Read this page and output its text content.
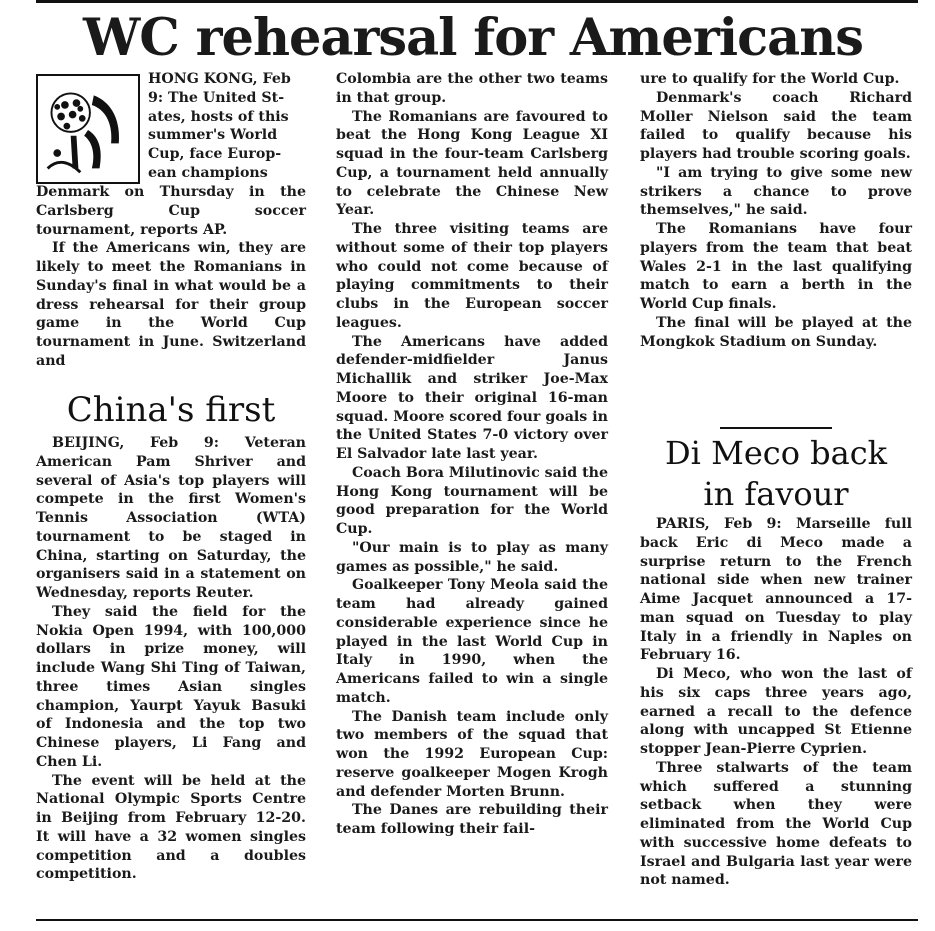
WC rehearsal for Americans

HONG KONG, Feb

9: The United St-

ates, hosts of this

summer's World

Cup, face Europ-

ean champions

Denmark on Thursday in the Carlsberg Cup soccer tournament, reports AP.

If the Americans win, they are likely to meet the Romanians in Sunday's final in what would be a dress rehearsal for their group game in the World Cup tournament in June. Switzerland and

China's first

BEIJING, Feb 9: Veteran American Pam Shriver and several of Asia's top players will compete in the first Women's Tennis Association (WTA) tournament to be staged in China, starting on Saturday, the organisers said in a statement on Wednesday, reports Reuter.

They said the field for the Nokia Open 1994, with 100,000 dollars in prize money, will include Wang Shi Ting of Taiwan, three times Asian singles champion, Yaurpt Yayuk Basuki of Indonesia and the top two Chinese players, Li Fang and Chen Li.

The event will be held at the National Olympic Sports Centre in Beijing from February 12-20. It will have a 32 women singles competition and a doubles competition.

Colombia are the other two teams in that group.

The Romanians are favoured to beat the Hong Kong League XI squad in the four-team Carlsberg Cup, a tournament held annually to celebrate the Chinese New Year.

The three visiting teams are without some of their top players who could not come because of playing commitments to their clubs in the European soccer leagues.

The Americans have added defender-midfielder Janus Michallik and striker Joe-Max Moore to their original 16-man squad. Moore scored four goals in the United States 7-0 victory over El Salvador late last year.

Coach Bora Milutinovic said the Hong Kong tournament will be good preparation for the World Cup.

"Our main is to play as many games as possible," he said.

Goalkeeper Tony Meola said the team had already gained considerable experience since he played in the last World Cup in Italy in 1990, when the Americans failed to win a single match.

The Danish team include only two members of the squad that won the 1992 European Cup: reserve goalkeeper Mogen Krogh and defender Morten Brunn.

The Danes are rebuilding their team following their fail-

ure to qualify for the World Cup.

Denmark's coach Richard Moller Nielson said the team failed to qualify because his players had trouble scoring goals.

"I am trying to give some new strikers a chance to prove themselves," he said.

The Romanians have four players from the team that beat Wales 2-1 in the last qualifying match to earn a berth in the World Cup finals.

The final will be played at the Mongkok Stadium on Sunday.

Di Meco back
in favour

PARIS, Feb 9: Marseille full back Eric di Meco made a surprise return to the French national side when new trainer Aime Jacquet announced a 17-man squad on Tuesday to play Italy in a friendly in Naples on February 16.

Di Meco, who won the last of his six caps three years ago, earned a recall to the defence along with uncapped St Etienne stopper Jean-Pierre Cyprien.

Three stalwarts of the team which suffered a stunning setback when they were eliminated from the World Cup with successive home defeats to Israel and Bulgaria last year were not named.
